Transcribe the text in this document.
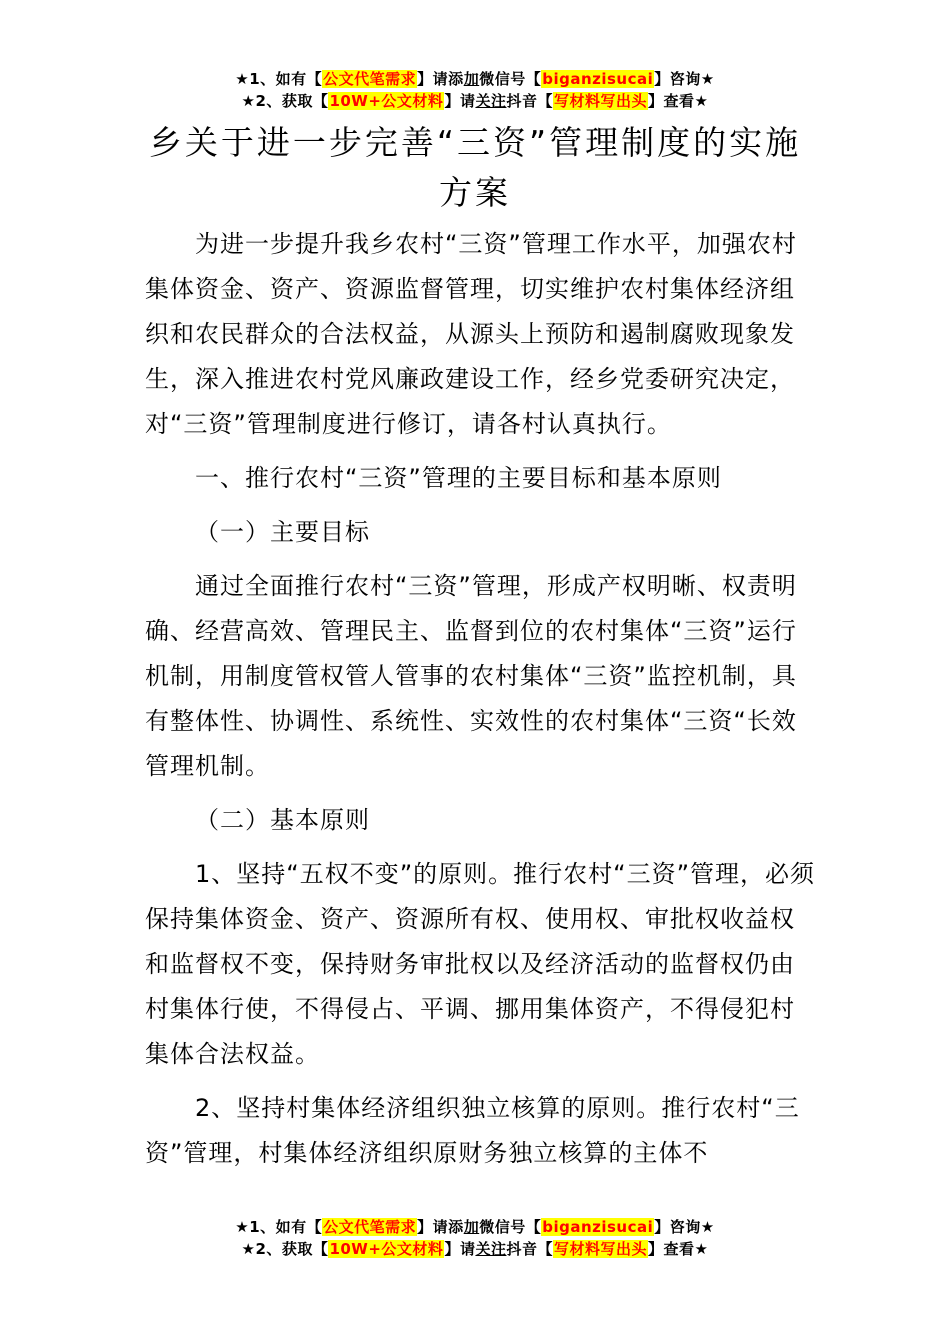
★1、如有【公文代笔需求】请添加微信号【biganzisucai】咨询★
★2、获取【10W+公文材料】请关注抖音【写材料写出头】查看★
乡关于进一步完善“三资”管理制度的实施
方案

为进一步提升我乡农村“三资”管理工作水平，加强农村集体资金、资产、资源监督管理，切实维护农村集体经济组织和农民群众的合法权益，从源头上预防和遏制腐败现象发生，深入推进农村党风廉政建设工作，经乡党委研究决定，对“三资”管理制度进行修订，请各村认真执行。

一、推行农村“三资”管理的主要目标和基本原则

（一）主要目标

通过全面推行农村“三资”管理，形成产权明晰、权责明确、经营高效、管理民主、监督到位的农村集体“三资”运行机制，用制度管权管人管事的农村集体“三资”监控机制，具有整体性、协调性、系统性、实效性的农村集体“三资“长效管理机制。

（二）基本原则

1、坚持“五权不变”的原则。推行农村“三资”管理，必须保持集体资金、资产、资源所有权、使用权、审批权收益权和监督权不变，保持财务审批权以及经济活动的监督权仍由村集体行使，不得侵占、平调、挪用集体资产，不得侵犯村集体合法权益。

2、坚持村集体经济组织独立核算的原则。推行农村“三资”管理，村集体经济组织原财务独立核算的主体不

★1、如有【公文代笔需求】请添加微信号【biganzisucai】咨询★
★2、获取【10W+公文材料】请关注抖音【写材料写出头】查看★
